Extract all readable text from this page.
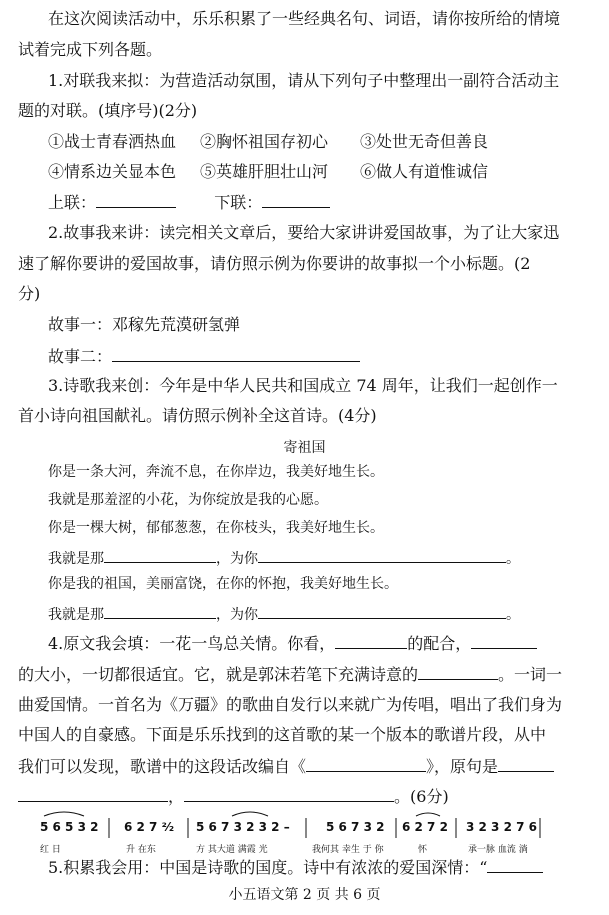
在这次阅读活动中，乐乐积累了一些经典名句、词语，请你按所给的情境
试着完成下列各题。
1.对联我来拟：为营造活动氛围，请从下列句子中整理出一副符合活动主
题的对联。(填序号)(2分)
①战士青春洒热血 ②胸怀祖国存初心 ③处世无奇但善良
④情系边关显本色 ⑤英雄肝胆壮山河 ⑥做人有道惟诚信
上联：	下联：
2.故事我来讲：读完相关文章后，要给大家讲讲爱国故事，为了让大家迅
速了解你要讲的爱国故事，请仿照示例为你要讲的故事拟一个小标题。(2
分)
故事一：邓稼先荒漠研氢弹
故事二：
3.诗歌我来创：今年是中华人民共和国成立 74 周年，让我们一起创作一
首小诗向祖国献礼。请仿照示例补全这首诗。(4分)
寄祖国
你是一条大河，奔流不息，在你岸边，我美好地生长。
我就是那羞涩的小花，为你绽放是我的心愿。
你是一棵大树，郁郁葱葱，在你枝头，我美好地生长。
我就是那	，为你	。
你是我的祖国，美丽富饶，在你的怀抱，我美好地生长。
我就是那	，为你	。
4.原文我会填：一花一鸟总关情。你看，	的配合，
的大小，一切都很适宜。它，就是郭沫若笔下充满诗意的	。一词一
曲爱国情。一首名为《万疆》的歌曲自发行以来就广为传唱，唱出了我们身为
中国人的自豪感。下面是乐乐找到的这首歌的某一个版本的歌谱片段，从中
我们可以发现，歌谱中的这段话改编自《	》，原句是
，	。(6分)
5 6 5 3 2 6 2 7 ²⁄₂ 5 6 7 3 2 3 2 –	5 6 7 3 2 6 2 7 2 3 2 3 2 7 6
红 日	升 在东	方 其大道 满霞 光	我何其 幸生 于 你	怀	承一脉 血流 淌
5.积累我会用：中国是诗歌的国度。诗中有浓浓的爱国深情：“
小五语文第 2 页 共 6 页
